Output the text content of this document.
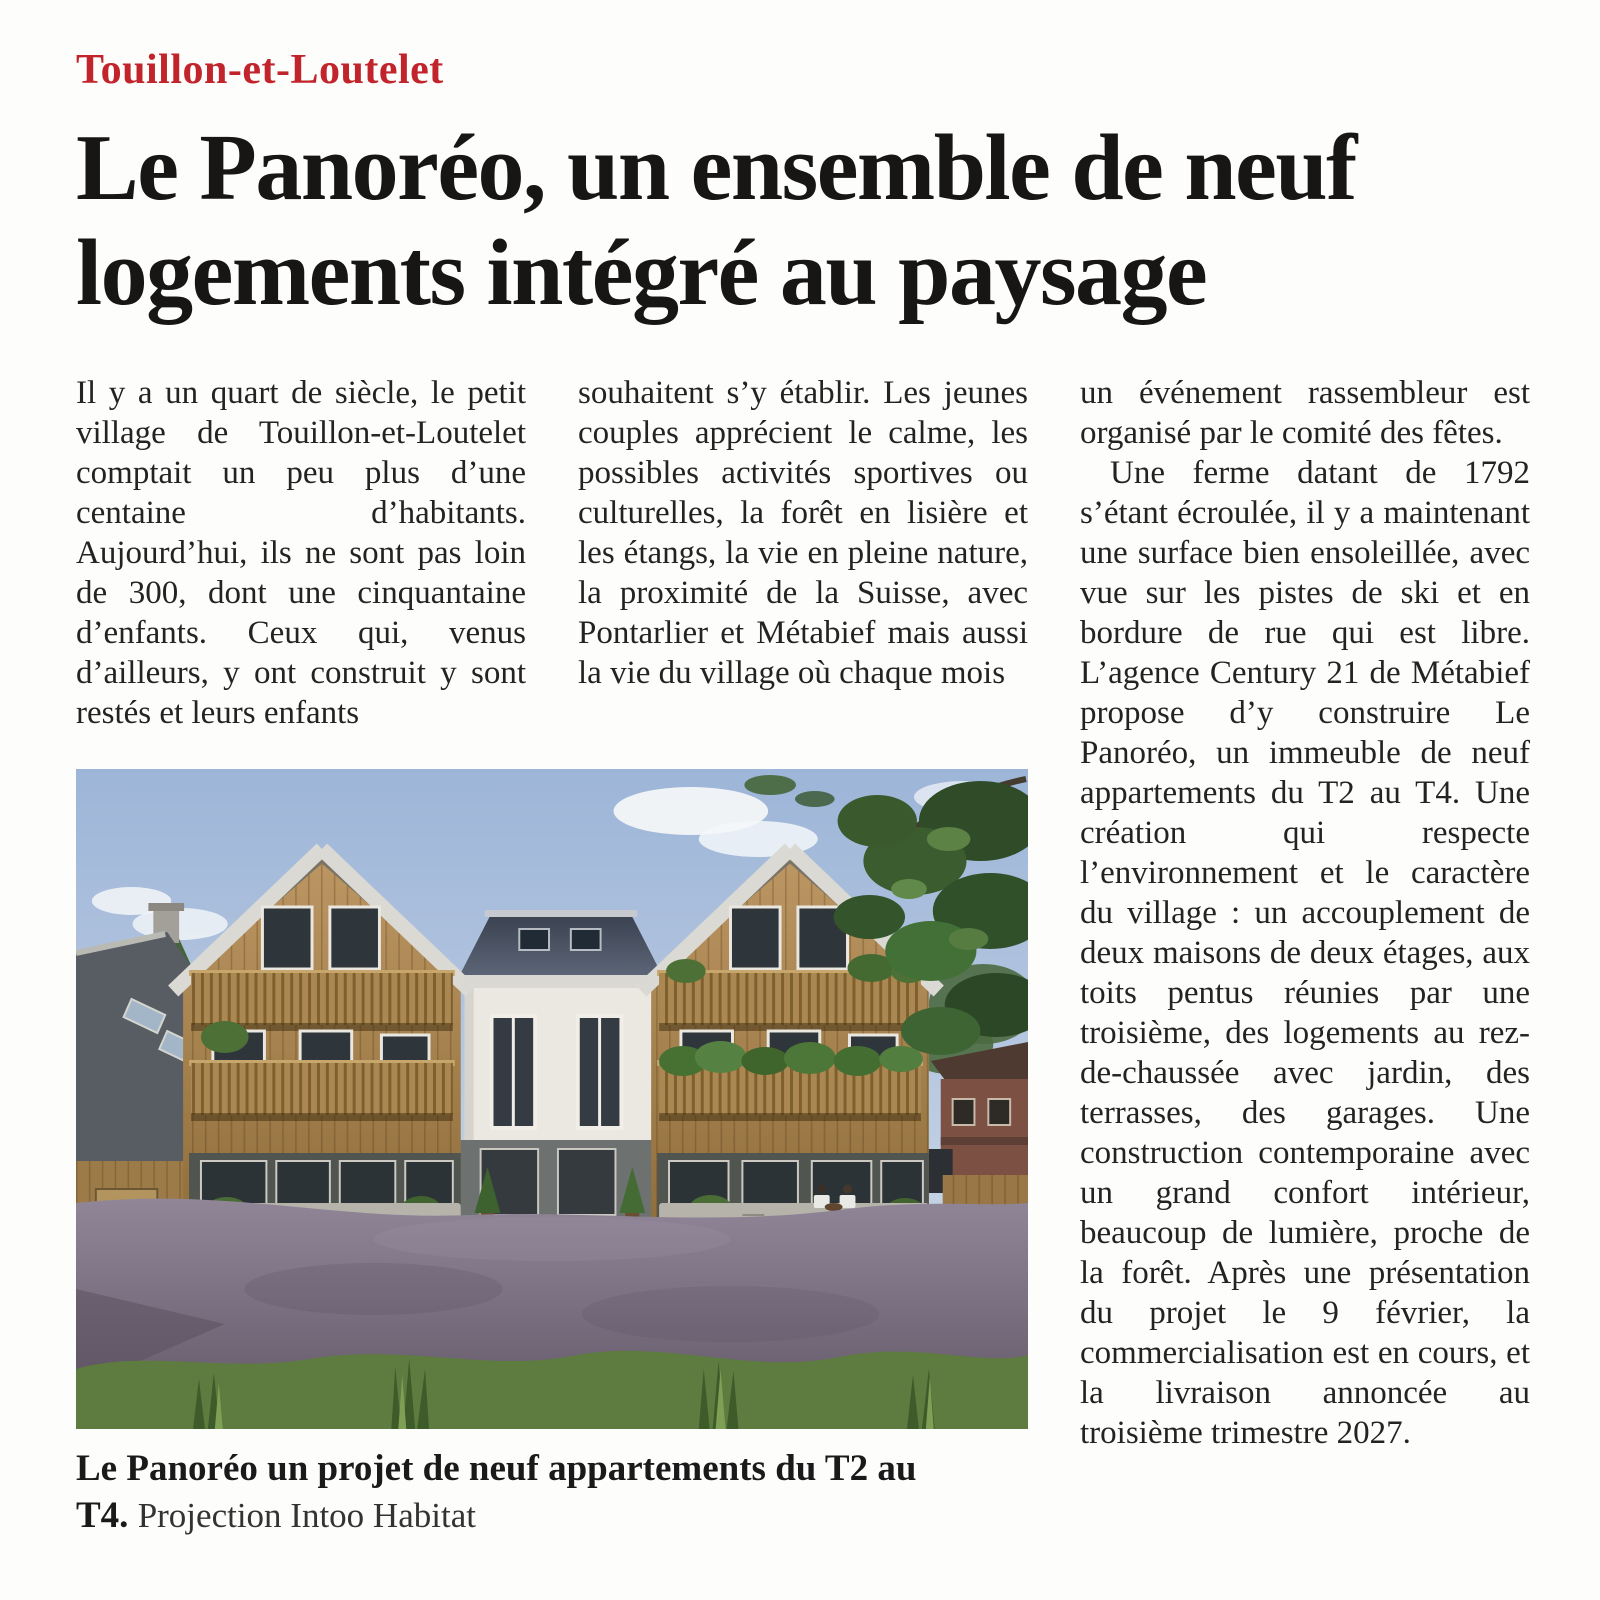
Touillon-et-Loutelet
Le Panoréo, un ensemble de neuf logements intégré au paysage

Il y a un quart de siècle, le petit village de Touillon-et-Loutelet comptait un peu plus d’une centaine d’habitants. Aujourd’hui, ils ne sont pas loin de 300, dont une cinquantaine d’enfants. Ceux qui, venus d’ailleurs, y ont construit y sont restés et leurs enfants

souhaitent s’y établir. Les jeunes couples apprécient le calme, les possibles activités sportives ou culturelles, la forêt en lisière et les étangs, la vie en pleine nature, la proximité de la Suisse, avec Pontarlier et Métabief mais aussi la vie du village où chaque mois

un événement rassembleur est organisé par le comité des fêtes.

Une ferme datant de 1792 s’étant écroulée, il y a maintenant une surface bien ensoleillée, avec vue sur les pistes de ski et en bordure de rue qui est libre. L’agence Century 21 de Métabief propose d’y construire Le Panoréo, un immeuble de neuf appartements du T2 au T4. Une création qui respecte l’environnement et le caractère du village : un accouplement de deux maisons de deux étages, aux toits pentus réunies par une troisième, des logements au rez-de-chaussée avec jardin, des terrasses, des garages. Une construction contemporaine avec un grand confort intérieur, beaucoup de lumière, proche de la forêt. Après une présentation du projet le 9 février, la commercialisation est en cours, et la livraison annoncée au troisième trimestre 2027.

Le Panoréo un projet de neuf appartements du T2 au T4. Projection Intoo Habitat
